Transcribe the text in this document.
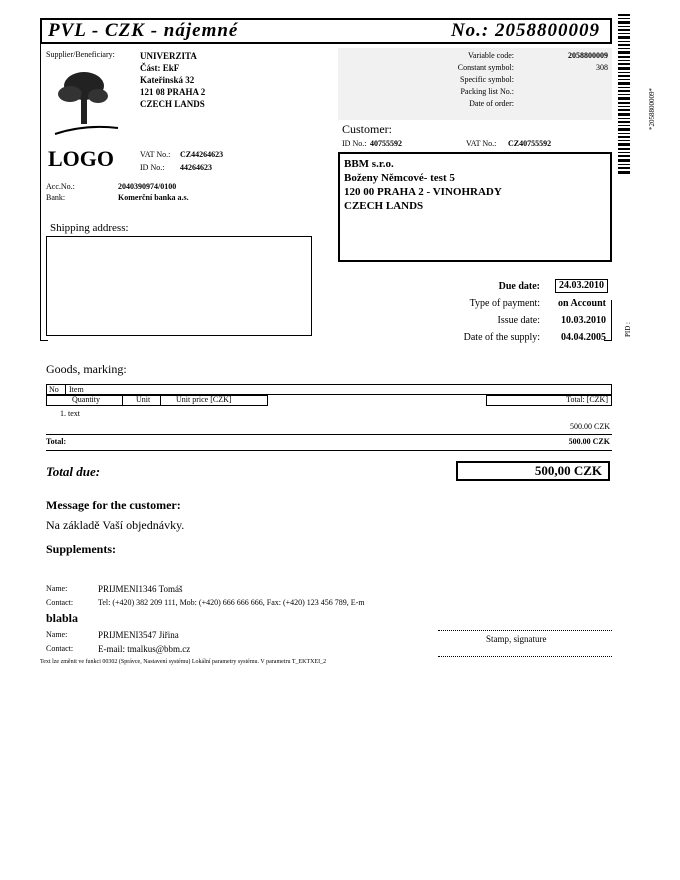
PVL - CZK - nájemné	No.: 2058800009
*2058800009*
Supplier/Beneficiary:	UNIVERZITA
Část: EkF
Kateřinská 32
121 08 PRAHA 2
CZECH LANDS
LOGO	VAT No.: CZ44264623
ID No.: 44264623
Acc.No.:	2040390974/0100
Bank:	Komerční banka a.s.
Variable code:	2058800009
Constant symbol:	308
Specific symbol:
Packing list No.:
Date of order:
Customer:
ID No.: 40755592	VAT No.: CZ40755592
BBM s.r.o.
Boženy Němcové- test 5
120 00 PRAHA 2 - VINOHRADY
CZECH LANDS
Shipping address:
Due date:	24.03.2010
Type of payment: on Account
Issue date: 10.03.2010
Date of the supply: 04.04.2005
PID :
Goods, marking:
No Item
Quantity	Unit	Unit price [CZK]	Total: [CZK]
1. text
500.00 CZK
Total:	500.00 CZK
Total due:	500,00 CZK
Message for the customer:
Na základě Vaší objednávky.
Supplements:
Name:	PRIJMENI1346 Tomáš
Contact:	Tel: (+420) 382 209 111, Mob: (+420) 666 666 666, Fax: (+420) 123 456 789, E-m
blabla
Name:	PRIJMENI3547 Jiřina
Contact:	E-mail: tmalkus@bbm.cz
Stamp, signature
Text lze změnit ve funkci 00302 (Správce, Nastavení systému) Lokální parametry systému. V parametru T_EKTXEI_2
